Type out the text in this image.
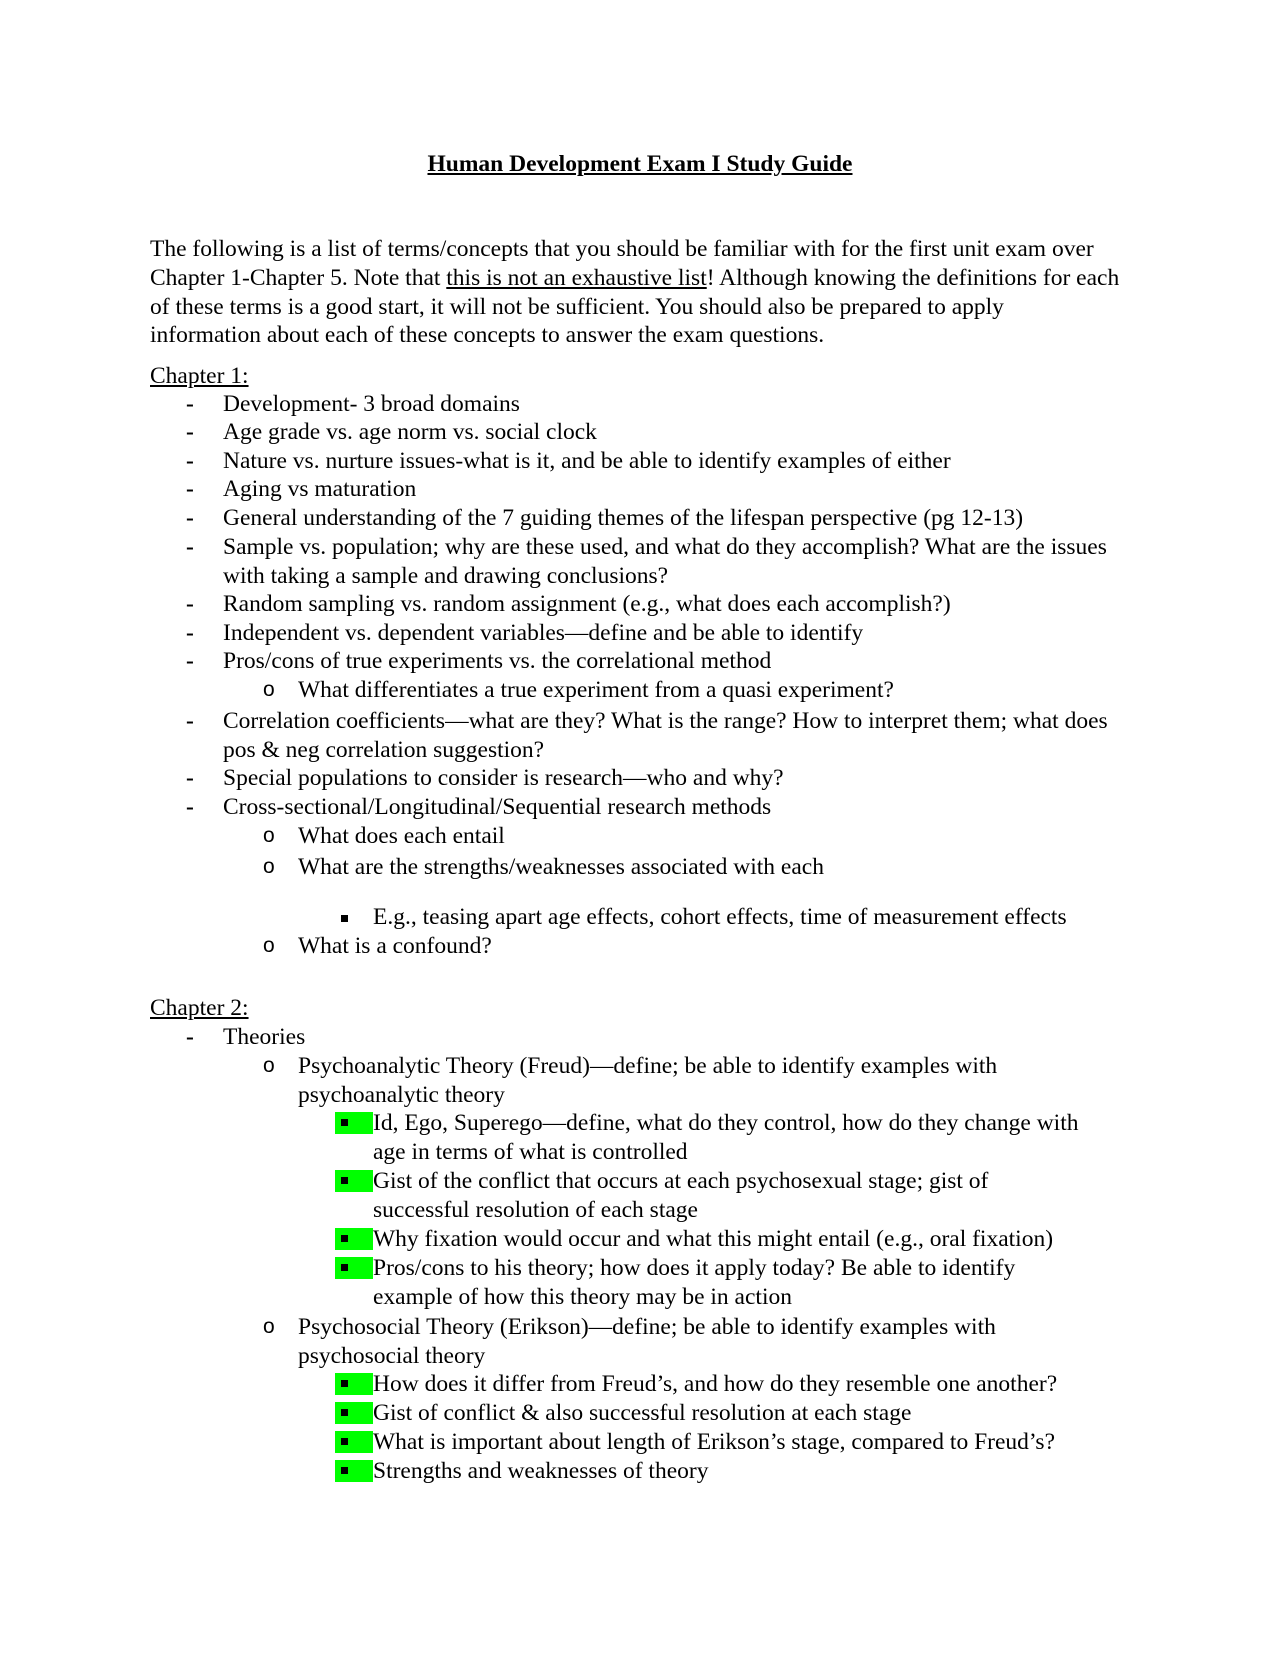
Human Development Exam I Study Guide

The following is a list of terms/concepts that you should be familiar with for the first unit exam over Chapter 1-Chapter 5. Note that this is not an exhaustive list! Although knowing the definitions for each of these terms is a good start, it will not be sufficient. You should also be prepared to apply information about each of these concepts to answer the exam questions.

Chapter 1:
- Development- 3 broad domains
- Age grade vs. age norm vs. social clock
- Nature vs. nurture issues-what is it, and be able to identify examples of either
- Aging vs maturation
- General understanding of the 7 guiding themes of the lifespan perspective (pg 12-13)
- Sample vs. population; why are these used, and what do they accomplish? What are the issues with taking a sample and drawing conclusions?
- Random sampling vs. random assignment (e.g., what does each accomplish?)
- Independent vs. dependent variables—define and be able to identify
- Pros/cons of true experiments vs. the correlational method
o What differentiates a true experiment from a quasi experiment?
- Correlation coefficients—what are they? What is the range? How to interpret them; what does pos & neg correlation suggestion?
- Special populations to consider is research—who and why?
- Cross-sectional/Longitudinal/Sequential research methods
o What does each entail
o What are the strengths/weaknesses associated with each
E.g., teasing apart age effects, cohort effects, time of measurement effects
o What is a confound?
Chapter 2:
- Theories
o Psychoanalytic Theory (Freud)—define; be able to identify examples with psychoanalytic theory
Id, Ego, Superego—define, what do they control, how do they change with age in terms of what is controlled
Gist of the conflict that occurs at each psychosexual stage; gist of successful resolution of each stage
Why fixation would occur and what this might entail (e.g., oral fixation)
Pros/cons to his theory; how does it apply today? Be able to identify example of how this theory may be in action
o Psychosocial Theory (Erikson)—define; be able to identify examples with psychosocial theory
How does it differ from Freud’s, and how do they resemble one another?
Gist of conflict & also successful resolution at each stage
What is important about length of Erikson’s stage, compared to Freud’s?
Strengths and weaknesses of theory
